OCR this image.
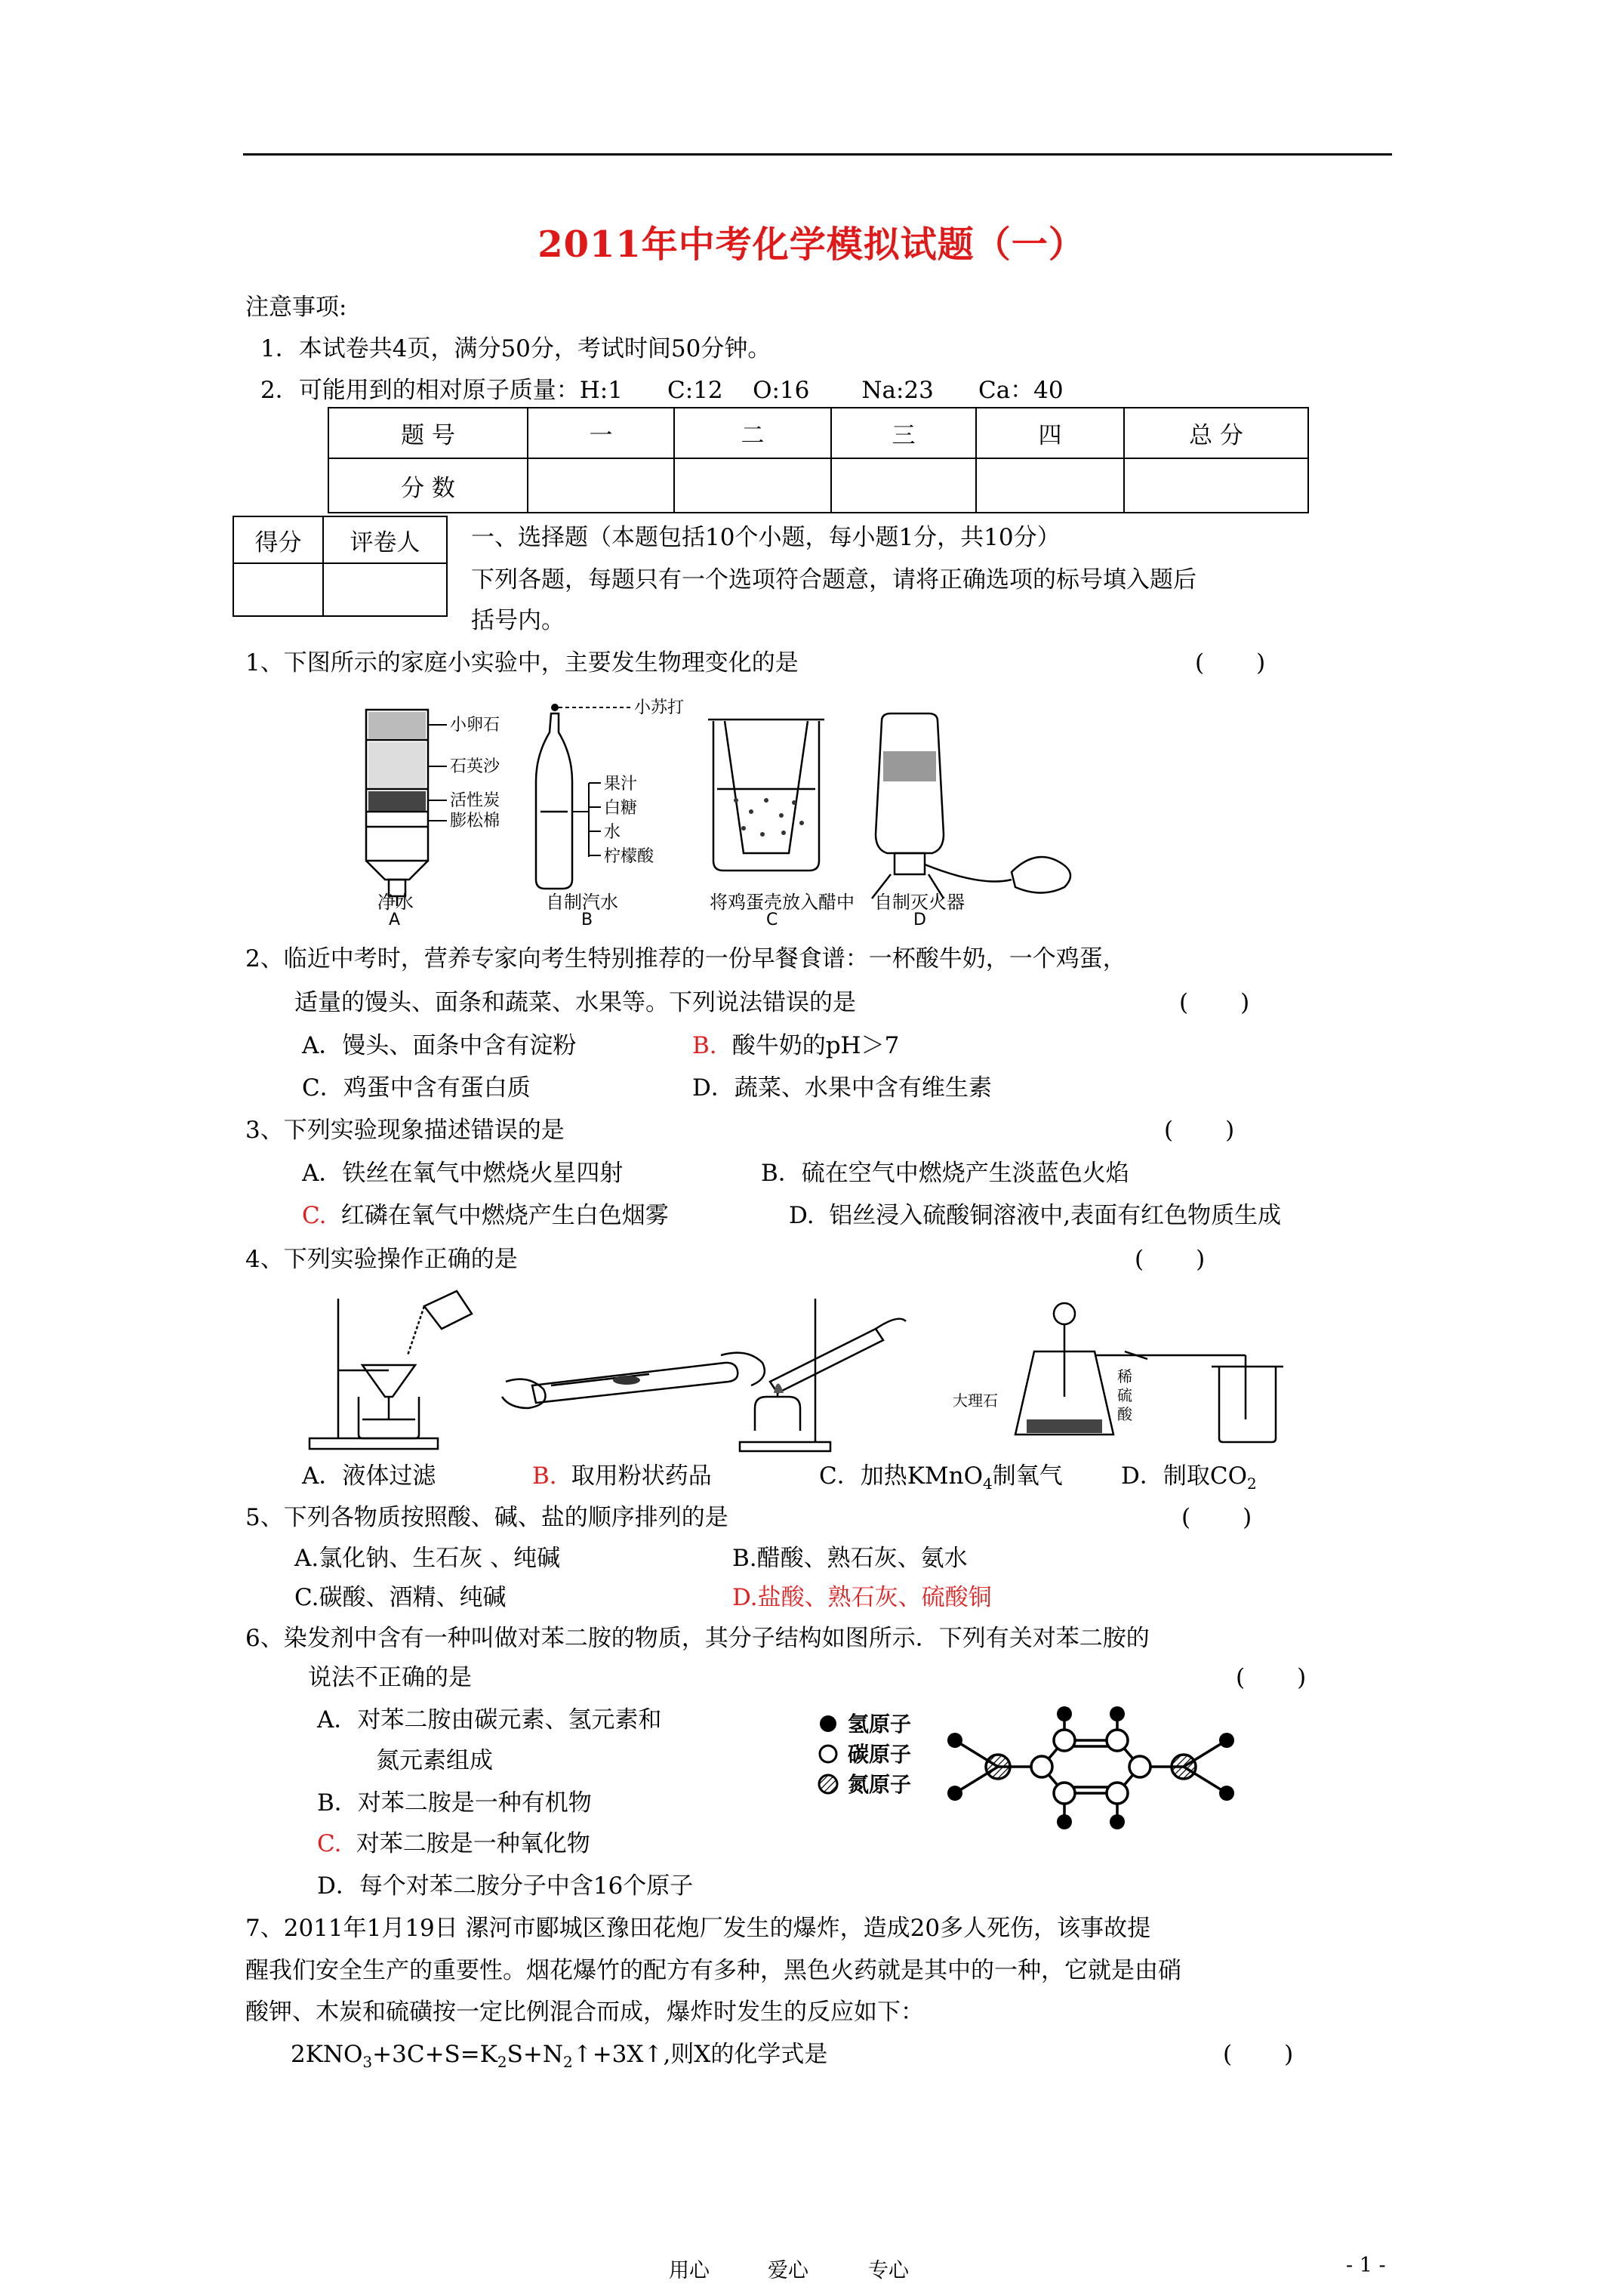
2011年中考化学模拟试题（一）
注意事项:
1．本试卷共4页，满分50分，考试时间50分钟。
2．可能用到的相对原子质量：H:1      C:12    O:16       Na:23      Ca：40
题 号	一	二	三	四	总 分
分 数					
得分	评卷人
	一、选择题（本题包括10个小题，每小题1分，共10分）
下列各题，每题只有一个选项符合题意，请将正确选项的标号填入题后
括号内。
1、下图所示的家庭小实验中，主要发生物理变化的是	(       )
小卵石
石英沙
活性炭
膨松棉
净水
A
小苏打
果汁
白糖
水
柠檬酸
自制汽水
B
将鸡蛋壳放入醋中
C
自制灭火器
D
2、临近中考时，营养专家向考生特别推荐的一份早餐食谱：一杯酸牛奶，一个鸡蛋，
适量的馒头、面条和蔬菜、水果等。下列说法错误的是	(       )
A．馒头、面条中含有淀粉	B. 酸牛奶的pH＞7
C．鸡蛋中含有蛋白质	D．蔬菜、水果中含有维生素
3、下列实验现象描述错误的是	(       )
A．铁丝在氧气中燃烧火星四射	B．硫在空气中燃烧产生淡蓝色火焰
C. 红磷在氧气中燃烧产生白色烟雾	D.  铝丝浸入硫酸铜溶液中,表面有红色物质生成
4、下列实验操作正确的是	(       )
大理石
稀
硫
酸
A．液体过滤	B. 取用粉状药品	C．加热KMnO$_4$制氧气 D．制取$CO_2$
5、下列各物质按照酸、碱、盐的顺序排列的是	(       )
A.氯化钠、生石灰 、纯碱	B.醋酸、熟石灰、氨水
C.碳酸、酒精、纯碱	D.盐酸、熟石灰、硫酸铜
6、染发剂中含有一种叫做对苯二胺的物质，其分子结构如图所示．下列有关对苯二胺的
说法不正确的是	(       )
A．对苯二胺由碳元素、氢元素和
氮元素组成
B．对苯二胺是一种有机物
C. 对苯二胺是一种氧化物
D．每个对苯二胺分子中含16个原子
氢原子
碳原子
氮原子
7、2011年1月19日 漯河市郾城区豫田花炮厂发生的爆炸，造成20多人死伤，该事故提
醒我们安全生产的重要性。烟花爆竹的配方有多种，黑色火药就是其中的一种，它就是由硝
酸钾、木炭和硫磺按一定比例混合而成，爆炸时发生的反应如下：
$2KNO_3+3C+S=K_2S+N_2↑+3X↑$,则X的化学式是	(       )
用心	爱心	专心	- 1 -
